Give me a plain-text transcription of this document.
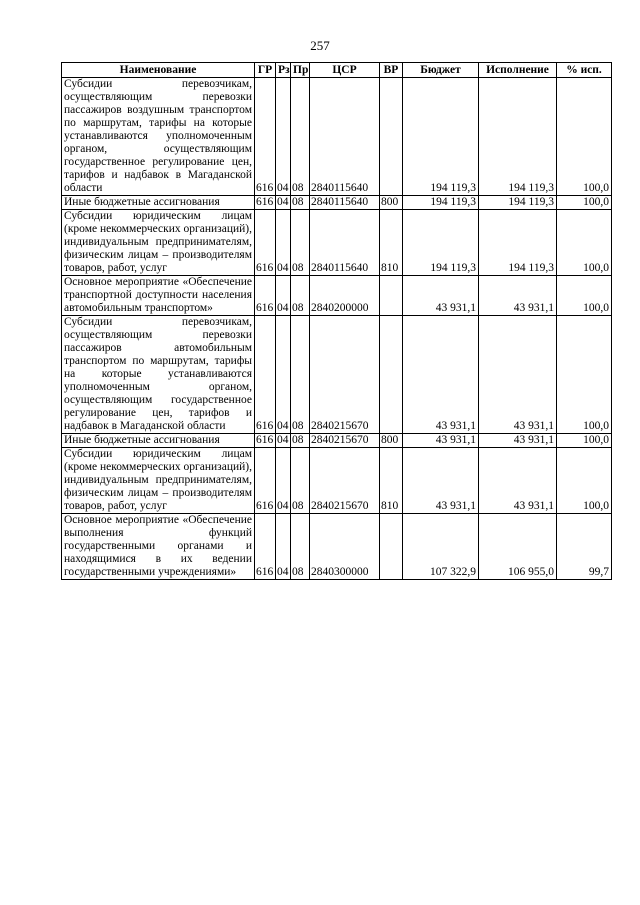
257
Наименование	ГР	Рз	Пр	ЦСР	ВР	Бюджет	Исполнение	% исп.
Субсидии перевозчикам, осуществляющим перевозки пассажиров воздушным транспортом по маршрутам, тарифы на которые устанавливаются уполномоченным органом, осуществляющим государственное регулирование цен, тарифов и надбавок в Магаданской области	616	04	08	2840115640		194 119,3	194 119,3	100,0
Иные бюджетные ассигнования	616	04	08	2840115640	800	194 119,3	194 119,3	100,0
Субсидии юридическим лицам (кроме некоммерческих организаций), индивидуальным предпринимателям, физическим лицам – производителям товаров, работ, услуг	616	04	08	2840115640	810	194 119,3	194 119,3	100,0
Основное мероприятие «Обеспечение транспортной доступности населения автомобильным транспортом»	616	04	08	2840200000		43 931,1	43 931,1	100,0
Субсидии перевозчикам, осуществляющим перевозки пассажиров автомобильным транспортом по маршрутам, тарифы на которые устанавливаются уполномоченным органом, осуществляющим государственное регулирование цен, тарифов и надбавок в Магаданской области	616	04	08	2840215670		43 931,1	43 931,1	100,0
Иные бюджетные ассигнования	616	04	08	2840215670	800	43 931,1	43 931,1	100,0
Субсидии юридическим лицам (кроме некоммерческих организаций), индивидуальным предпринимателям, физическим лицам – производителям товаров, работ, услуг	616	04	08	2840215670	810	43 931,1	43 931,1	100,0
Основное мероприятие «Обеспечение выполнения функций государственными органами и находящимися в их ведении государственными учреждениями»	616	04	08	2840300000		107 322,9	106 955,0	99,7
